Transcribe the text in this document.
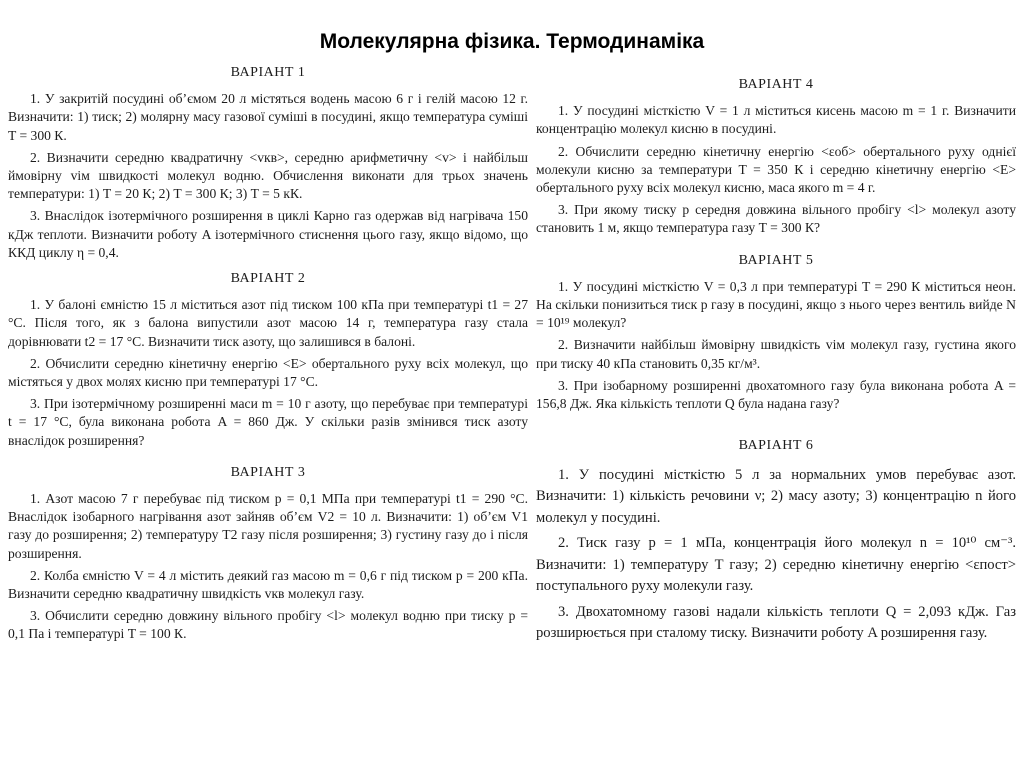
Молекулярна фізика. Термодинаміка
ВАРІАНТ 1

1. У закритій посудині об’ємом 20 л містяться водень масою 6 г і гелій масою 12 г. Визначити: 1) тиск; 2) молярну масу газової суміші в посудині, якщо температура суміші T = 300 К.

2. Визначити середню квадратичну <vкв>, середню арифметичну <v> і найбільш ймовірну vім швидкості молекул водню. Обчислення виконати для трьох значень температури: 1) T = 20 К; 2) T = 300 К; 3) T = 5 кК.

3. Внаслідок ізотермічного розширення в циклі Карно газ одержав від нагрівача 150 кДж теплоти. Визначити роботу A ізотермічного стиснення цього газу, якщо відомо, що ККД циклу η = 0,4.

ВАРІАНТ 2

1. У балоні ємністю 15 л міститься азот під тиском 100 кПа при температурі t1 = 27 °С. Після того, як з балона випустили азот масою 14 г, температура газу стала дорівнювати t2 = 17 °С. Визначити тиск азоту, що залишився в балоні.

2. Обчислити середню кінетичну енергію <E> обертального руху всіх молекул, що містяться у двох молях кисню при температурі 17 °С.

3. При ізотермічному розширенні маси m = 10 г азоту, що перебуває при температурі t = 17 °С, була виконана робота A = 860 Дж. У скільки разів змінився тиск азоту внаслідок розширення?

ВАРІАНТ 3

1. Азот масою 7 г перебуває під тиском p = 0,1 МПа при температурі t1 = 290 °С. Внаслідок ізобарного нагрівання азот зайняв об’єм V2 = 10 л. Визначити: 1) об’єм V1 газу до розширення; 2) температуру T2 газу після розширення; 3) густину газу до і після розширення.

2. Колба ємністю V = 4 л містить деякий газ масою m = 0,6 г під тиском p = 200 кПа. Визначити середню квадратичну швидкість vкв молекул газу.

3. Обчислити середню довжину вільного пробігу <l> молекул водню при тиску p = 0,1 Па і температурі T = 100 К.

ВАРІАНТ 4

1. У посудині місткістю V = 1 л міститься кисень масою m = 1 г. Визначити концентрацію молекул кисню в посудині.

2. Обчислити середню кінетичну енергію <εоб> обертального руху однієї молекули кисню за температури T = 350 К і середню кінетичну енергію <E> обертального руху всіх молекул кисню, маса якого m = 4 г.

3. При якому тиску p середня довжина вільного пробігу <l> молекул азоту становить 1 м, якщо температура газу T = 300 К?

ВАРІАНТ 5

1. У посудині місткістю V = 0,3 л при температурі T = 290 К міститься неон. На скільки понизиться тиск p газу в посудині, якщо з нього через вентиль вийде N = 10¹⁹ молекул?

2. Визначити найбільш ймовірну швидкість vім молекул газу, густина якого при тиску 40 кПа становить 0,35 кг/м³.

3. При ізобарному розширенні двохатомного газу була виконана робота A = 156,8 Дж. Яка кількість теплоти Q була надана газу?

ВАРІАНТ 6

1. У посудині місткістю 5 л за нормальних умов перебуває азот. Визначити: 1) кількість речовини ν; 2) масу азоту; 3) концентрацію n його молекул у посудині.

2. Тиск газу p = 1 мПа, концентрація його молекул n = 10¹⁰ см⁻³. Визначити: 1) температуру T газу; 2) середню кінетичну енергію <εпост> поступального руху молекули газу.

3. Двохатомному газові надали кількість теплоти Q = 2,093 кДж. Газ розширюється при сталому тиску. Визначити роботу A розширення газу.
